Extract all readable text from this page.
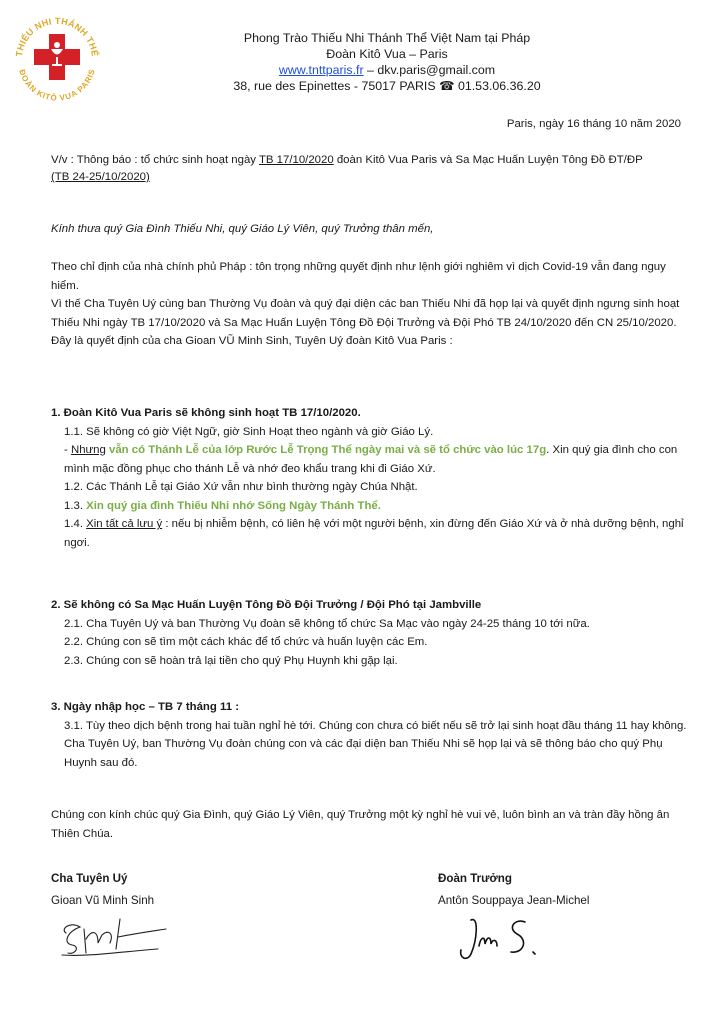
THIẾU NHI THÁNH THỂ
ĐOÀN KITÔ VUA PARIS
Phong Trào Thiếu Nhi Thánh Thể Việt Nam tại Pháp
Đoàn Kitô Vua – Paris
www.tnttparis.fr – dkv.paris@gmail.com
38, rue des Epinettes - 75017 PARIS ☎ 01.53.06.36.20
Paris, ngày 16 tháng 10 năm 2020
V/v : Thông báo : tổ chức sinh hoạt ngày TB 17/10/2020 đoàn Kitô Vua Paris và Sa Mạc Huấn Luyện Tông Đồ ĐT/ĐP
(TB 24-25/10/2020)
Kính thưa quý Gia Đình Thiếu Nhi, quý Giáo Lý Viên, quý Trưởng thân mến,

Theo chỉ định của nhà chính phủ Pháp : tôn trọng những quyết định như lệnh giới nghiêm vì dịch Covid-19 vẫn đang nguy hiểm.

Vì thế Cha Tuyên Uý cùng ban Thường Vụ đoàn và quý đại diện các ban Thiếu Nhi đã họp lại và quyết định ngưng sinh hoạt Thiếu Nhi ngày TB 17/10/2020 và Sa Mạc Huấn Luyện Tông Đồ Đội Trưởng và Đội Phó TB 24/10/2020 đến CN 25/10/2020.

Đây là quyết định của cha Gioan VŨ Minh Sinh, Tuyên Uý đoàn Kitô Vua Paris :

1. Đoàn Kitô Vua Paris sẽ không sinh hoạt TB 17/10/2020.

1.1. Sẽ không có giờ Việt Ngữ, giờ Sinh Hoạt theo ngành và giờ Giáo Lý.

- Nhưng vẫn có Thánh Lễ của lớp Rước Lễ Trọng Thể ngày mai và sẽ tổ chức vào lúc 17g. Xin quý gia đình cho con mình mặc đồng phục cho thánh Lễ và nhớ đeo khẩu trang khi đi Giáo Xứ.

1.2. Các Thánh Lễ tại Giáo Xứ vẫn như bình thường ngày Chúa Nhật.

1.3. Xin quý gia đình Thiếu Nhi nhớ Sống Ngày Thánh Thể.

1.4. Xin tất cả lưu ý : nếu bị nhiễm bệnh, có liên hệ với một người bệnh, xin đừng đến Giáo Xứ và ở nhà dưỡng bệnh, nghỉ ngơi.

2. Sẽ không có Sa Mạc Huấn Luyện Tông Đồ Đội Trưởng / Đội Phó tại Jambville

2.1. Cha Tuyên Uý và ban Thường Vụ đoàn sẽ không tổ chức Sa Mạc vào ngày 24-25 tháng 10 tới nữa.

2.2. Chúng con sẽ tìm một cách khác để tổ chức và huấn luyện các Em.

2.3. Chúng con sẽ hoàn trả lại tiền cho quý Phụ Huynh khi gặp lại.

3. Ngày nhập học – TB 7 tháng 11 :

3.1. Tùy theo dịch bệnh trong hai tuần nghỉ hè tới. Chúng con chưa có biết nếu sẽ trở lại sinh hoạt đầu tháng 11 hay không. Cha Tuyên Uý, ban Thường Vụ đoàn chúng con và các đại diện ban Thiếu Nhi sẽ họp lại và sẽ thông báo cho quý Phụ Huynh sau đó.

Chúng con kính chúc quý Gia Đình, quý Giáo Lý Viên, quý Trưởng một kỳ nghỉ hè vui vẻ, luôn bình an và tràn đầy hồng ân Thiên Chúa.
Cha Tuyên Uý
Gioan Vũ Minh Sinh
Đoàn Trưởng
Antôn Souppaya Jean-Michel
